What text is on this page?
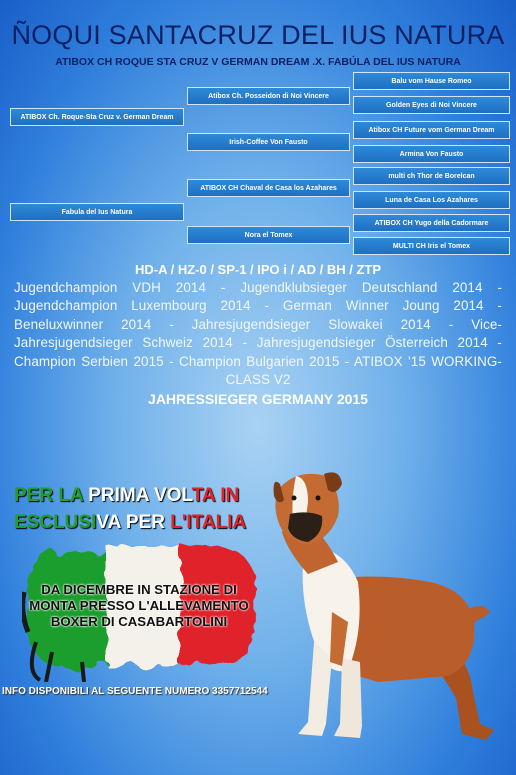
ÑOQUI SANTACRUZ DEL IUS NATURA
ATIBOX CH ROQUE STA CRUZ V GERMAN DREAM .X. FABÚLA DEL IUS NATURA
ATIBOX Ch. Roque-Sta Cruz v. German Dream
Fabula del Ius Natura
Atibox Ch. Posseidon di Noi Vincere
Irish-Coffee Von Fausto
ATIBOX CH Chaval de Casa los Azahares
Nora el Tomex
Balu vom Hause Romeo
Golden Eyes di Noi Vincere
Atibox CH Future vom German Dream
Armina Von Fausto
multi ch Thor de Borelcan
Luna de Casa Los Azahares
ATIBOX CH Yugo della Cadormare
MULTI CH Iris el Tomex
HD-A / HZ-0 / SP-1 / IPO i / AD / BH / ZTP
Jugendchampion VDH 2014 - Jugendklubsieger Deutschland 2014 - Jugendchampion Luxembourg 2014 - German Winner Joung 2014 - Beneluxwinner 2014 - Jahresjugendsieger Slowakei 2014 - Vice-Jahresjugendsieger Schweiz 2014 - Jahresjugendsieger Österreich 2014 - Champion Serbien 2015 - Champion Bulgarien 2015 - ATIBOX '15 WORKING-CLASS V2
JAHRESSIEGER GERMANY 2015
PER LA PRIMA VOLTA IN
ESCLUSIVA PER L'ITALIA
DA DICEMBRE IN STAZIONE DI MONTA PRESSO L'ALLEVAMENTO BOXER DI CASABARTOLINI
INFO DISPONIBILI AL SEGUENTE NUMERO 3357712544
